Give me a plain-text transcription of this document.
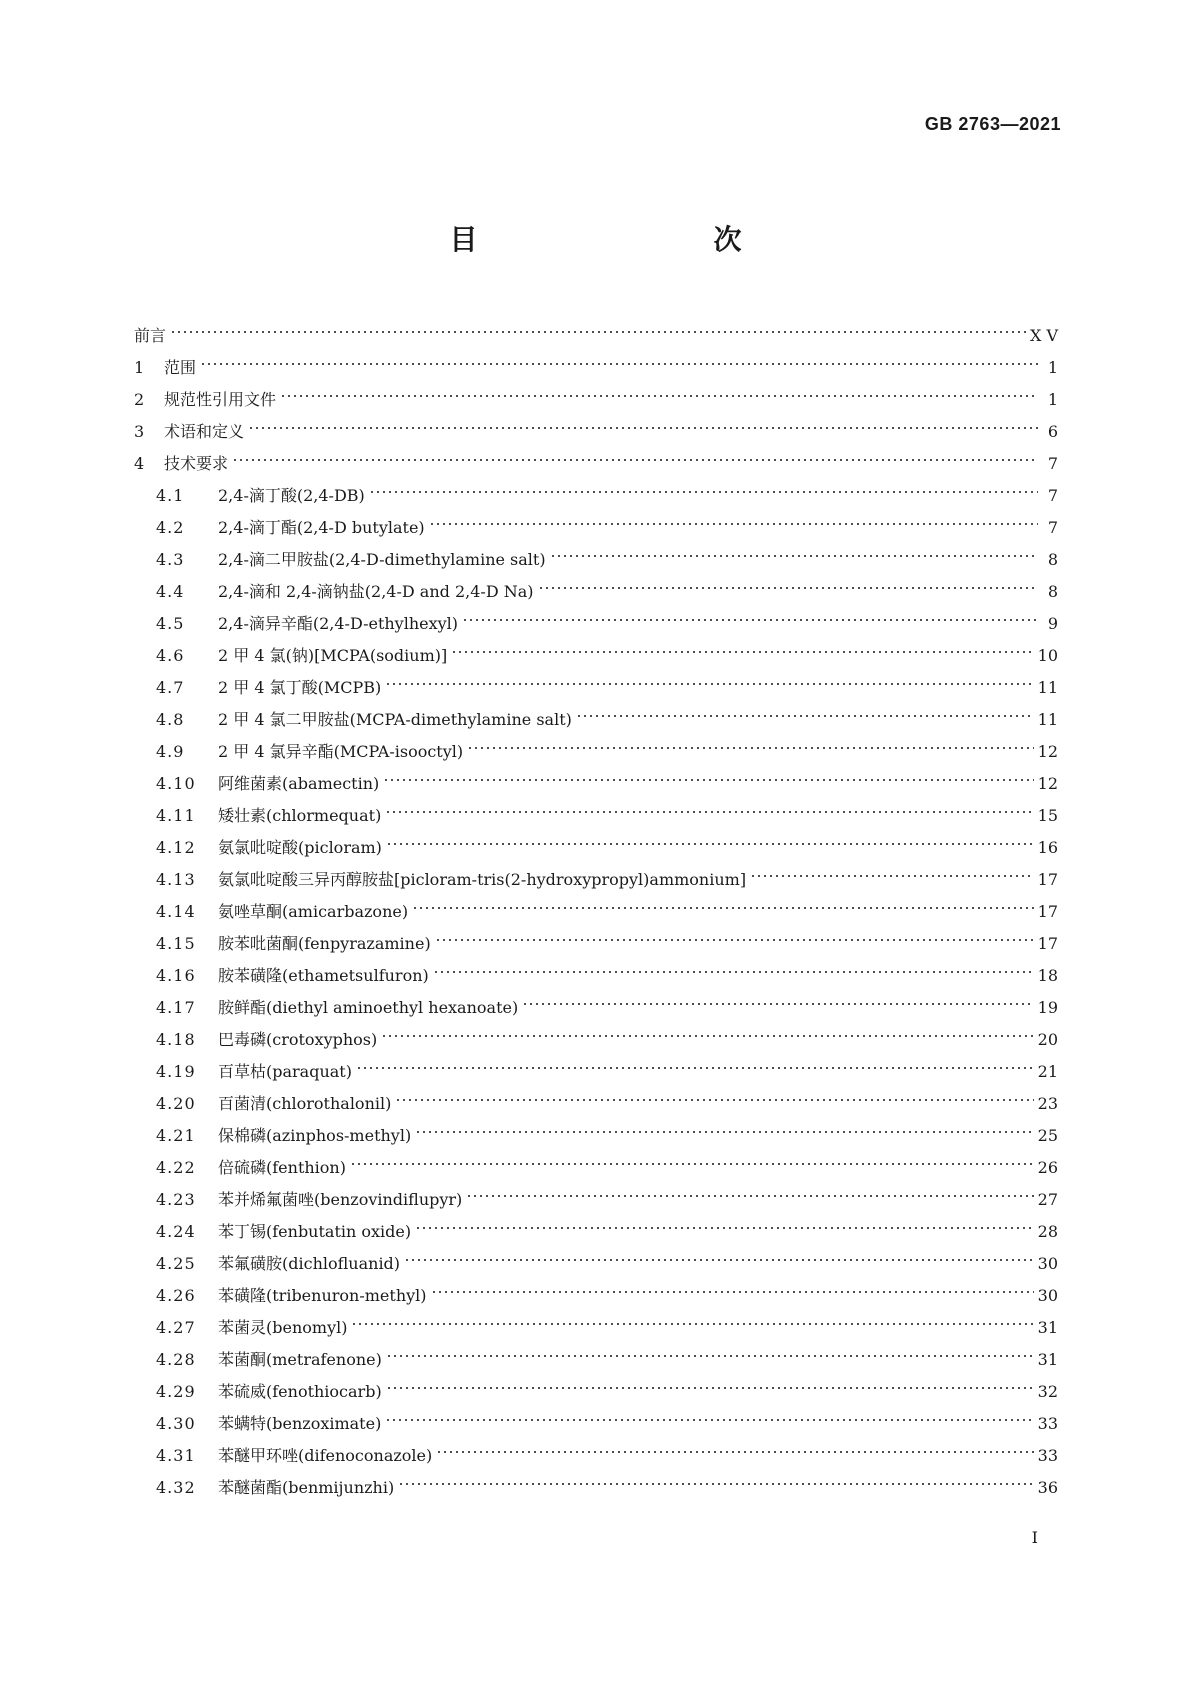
GB 2763—2021
目　　次
前言	Ⅹ Ⅴ
1	范围	1
2	规范性引用文件	1
3	术语和定义	6
4	技术要求	7
4.1	2,4-滴丁酸(2,4-DB)	7
4.2	2,4-滴丁酯(2,4-D butylate)	7
4.3	2,4-滴二甲胺盐(2,4-D-dimethylamine salt)	8
4.4	2,4-滴和 2,4-滴钠盐(2,4-D and 2,4-D Na)	8
4.5	2,4-滴异辛酯(2,4-D-ethylhexyl)	9
4.6	2 甲 4 氯(钠)[MCPA(sodium)]	10
4.7	2 甲 4 氯丁酸(MCPB)	11
4.8	2 甲 4 氯二甲胺盐(MCPA-dimethylamine salt)	11
4.9	2 甲 4 氯异辛酯(MCPA-isooctyl)	12
4.10	阿维菌素(abamectin)	12
4.11	矮壮素(chlormequat)	15
4.12	氨氯吡啶酸(picloram)	16
4.13	氨氯吡啶酸三异丙醇胺盐[picloram-tris(2-hydroxypropyl)ammonium]	17
4.14	氨唑草酮(amicarbazone)	17
4.15	胺苯吡菌酮(fenpyrazamine)	17
4.16	胺苯磺隆(ethametsulfuron)	18
4.17	胺鲜酯(diethyl aminoethyl hexanoate)	19
4.18	巴毒磷(crotoxyphos)	20
4.19	百草枯(paraquat)	21
4.20	百菌清(chlorothalonil)	23
4.21	保棉磷(azinphos-methyl)	25
4.22	倍硫磷(fenthion)	26
4.23	苯并烯氟菌唑(benzovindiflupyr)	27
4.24	苯丁锡(fenbutatin oxide)	28
4.25	苯氟磺胺(dichlofluanid)	30
4.26	苯磺隆(tribenuron-methyl)	30
4.27	苯菌灵(benomyl)	31
4.28	苯菌酮(metrafenone)	31
4.29	苯硫威(fenothiocarb)	32
4.30	苯螨特(benzoximate)	33
4.31	苯醚甲环唑(difenoconazole)	33
4.32	苯醚菌酯(benmijunzhi)	36
I
